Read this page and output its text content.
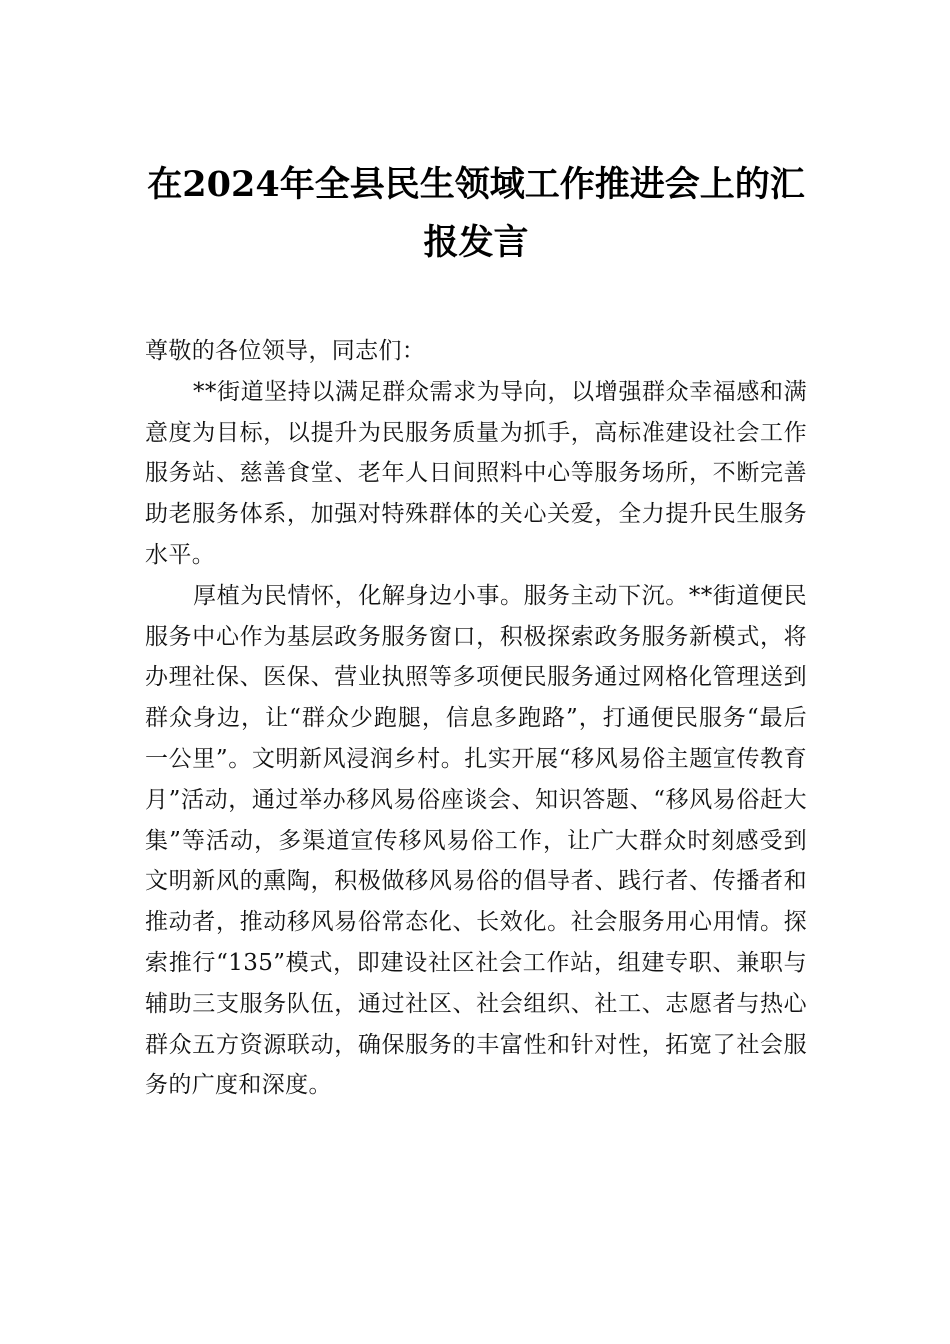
在2024年全县民生领域工作推进会上的汇报发言

尊敬的各位领导，同志们：

**街道坚持以满足群众需求为导向，以增强群众幸福感和满意度为目标，以提升为民服务质量为抓手，高标准建设社会工作服务站、慈善食堂、老年人日间照料中心等服务场所，不断完善助老服务体系，加强对特殊群体的关心关爱，全力提升民生服务水平。

厚植为民情怀，化解身边小事。服务主动下沉。**街道便民服务中心作为基层政务服务窗口，积极探索政务服务新模式，将办理社保、医保、营业执照等多项便民服务通过网格化管理送到群众身边，让“群众少跑腿，信息多跑路”，打通便民服务“最后一公里”。文明新风浸润乡村。扎实开展“移风易俗主题宣传教育月”活动，通过举办移风易俗座谈会、知识答题、“移风易俗赶大集”等活动，多渠道宣传移风易俗工作，让广大群众时刻感受到文明新风的熏陶，积极做移风易俗的倡导者、践行者、传播者和推动者，推动移风易俗常态化、长效化。社会服务用心用情。探索推行“135”模式，即建设社区社会工作站，组建专职、兼职与辅助三支服务队伍，通过社区、社会组织、社工、志愿者与热心群众五方资源联动，确保服务的丰富性和针对性，拓宽了社会服务的广度和深度。
